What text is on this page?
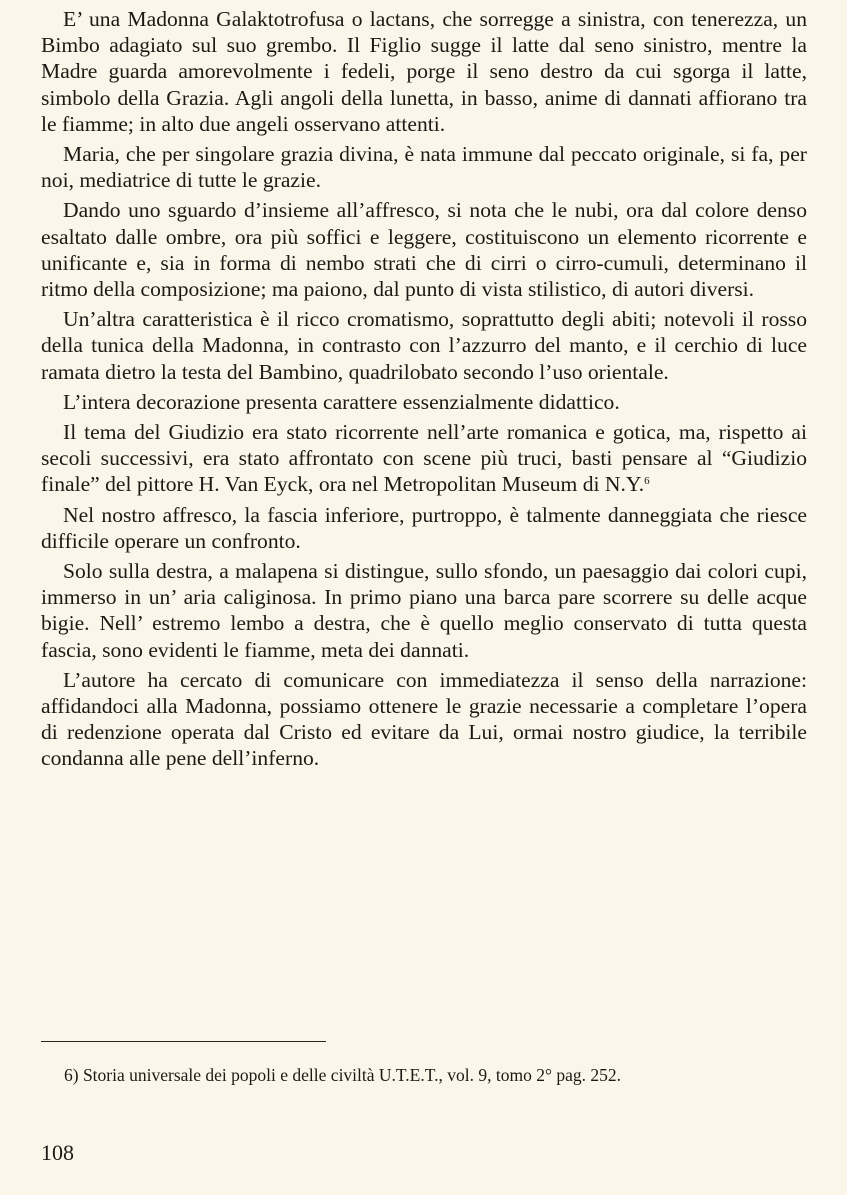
E’ una Madonna Galaktotrofusa o lactans, che sorregge a sinistra, con tenerezza, un Bimbo adagiato sul suo grembo. Il Figlio sugge il latte dal seno sinistro, mentre la Madre guarda amorevolmente i fedeli, porge il seno destro da cui sgorga il latte, simbolo della Grazia. Agli angoli della lunetta, in basso, anime di dannati affiorano tra le fiamme; in alto due angeli osservano attenti.

Maria, che per singolare grazia divina, è nata immune dal peccato originale, si fa, per noi, mediatrice di tutte le grazie.

Dando uno sguardo d’insieme all’affresco, si nota che le nubi, ora dal colore denso esaltato dalle ombre, ora più soffici e leggere, costituiscono un elemento ricorrente e unificante e, sia in forma di nembo strati che di cirri o cirro-cumuli, determinano il ritmo della composizione; ma paiono, dal punto di vista stilistico, di autori diversi.

Un’altra caratteristica è il ricco cromatismo, soprattutto degli abiti; notevoli il rosso della tunica della Madonna, in contrasto con l’azzurro del manto, e il cerchio di luce ramata dietro la testa del Bambino, quadrilobato secondo l’uso orientale.

L’intera decorazione presenta carattere essenzialmente didattico.

Il tema del Giudizio era stato ricorrente nell’arte romanica e gotica, ma, rispetto ai secoli successivi, era stato affrontato con scene più truci, basti pensare al “Giudizio finale” del pittore H. Van Eyck, ora nel Metropolitan Museum di N.Y.$^6$

Nel nostro affresco, la fascia inferiore, purtroppo, è talmente danneggiata che riesce difficile operare un confronto.

Solo sulla destra, a malapena si distingue, sullo sfondo, un paesaggio dai colori cupi, immerso in un’ aria caliginosa. In primo piano una barca pare scorrere su delle acque bigie. Nell’ estremo lembo a destra, che è quello meglio conservato di tutta questa fascia, sono evidenti le fiamme, meta dei dannati.

L’autore ha cercato di comunicare con immediatezza il senso della narrazione: affidandoci alla Madonna, possiamo ottenere le grazie necessarie a completare l’opera di redenzione operata dal Cristo ed evitare da Lui, ormai nostro giudice, la terribile condanna alle pene dell’inferno.

6) Storia universale dei popoli e delle civiltà U.T.E.T., vol. 9, tomo 2° pag. 252.
108
